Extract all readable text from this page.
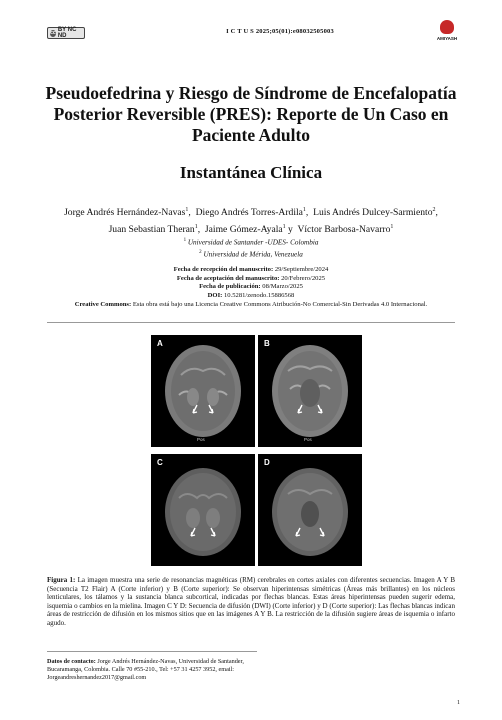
cc BY NC ND
I C T U S 2025;05(01):e08032505003
AMIYASH
Pseudoefedrina y Riesgo de Síndrome de Encefalopatía Posterior Reversible (PRES): Reporte de Un Caso en Paciente Adulto
Instantánea Clínica
Jorge Andrés Hernández-Navas$^1$,  Diego Andrés Torres-Ardila$^1$,  Luis Andrés Dulcey-Sarmiento$^2$,
Juan Sebastian Theran$^1$,  Jaime Gómez-Ayala$^1$ y  Víctor Barbosa-Navarro$^1$
$^1$ Universidad de Santander -UDES- Colombia
$^2$ Universidad de Mérida, Venezuela
Fecha de recepción del manuscrito: 29/Septiembre/2024
Fecha de aceptación del manuscrito: 20/Febrero/2025
Fecha de publicación: 08/Marzo/2025
DOI: 10.5281/zenodo.15886568
Creative Commons: Esta obra está bajo una Licencia Creative Commons Atribución-No Comercial-Sin Derivadas 4.0 Internacional.
A
Pos
B
Pos
C	D
Figura 1: La imagen muestra una serie de resonancias magnéticas (RM) cerebrales en cortes axiales con diferentes secuencias. Imagen A Y B (Secuencia T2 Flair) A (Corte inferior) y B (Corte superior): Se observan hiperintensas simétricas (Áreas más brillantes) en los núcleos lenticulares, los tálamos y la sustancia blanca subcortical, indicadas por flechas blancas. Estas áreas hiperintensas pueden sugerir edema, isquemia o cambios en la mielina. Imagen C Y D: Secuencia de difusión (DWI) (Corte inferior) y D (Corte superior): Las flechas blancas indican áreas de restricción de difusión en los mismos sitios que en las imágenes A Y B. La restricción de la difusión sugiere áreas de isquemia o infarto agudo.
Datos de contacto: Jorge Andrés Hernández-Navas, Universidad de Santander, Bucaramanga, Colombia. Calle 70 #55-210., Tel: +57 31 4257 3952, email: Jorgeandreshernandez2017@gmail.com
1
